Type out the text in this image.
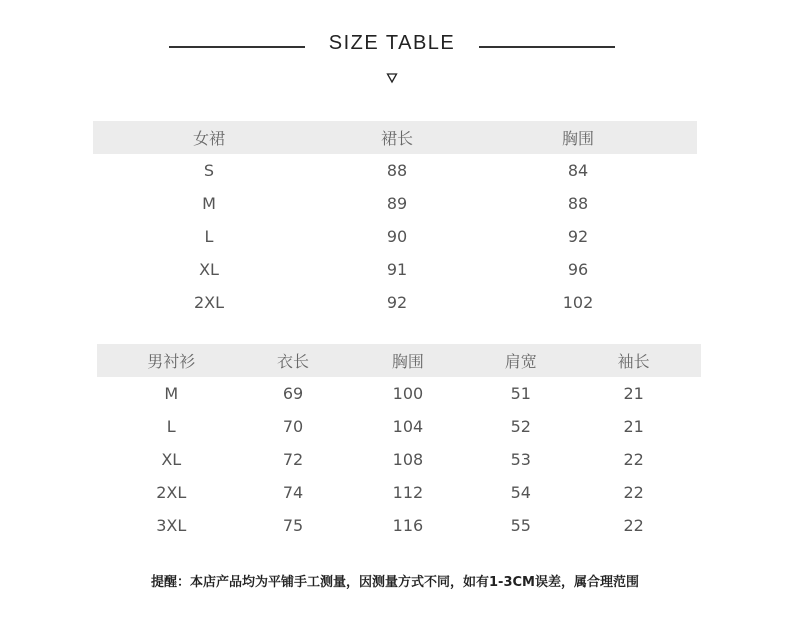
SIZE TABLE
女裙	裙长	胸围
S	88	84
M	89	88
L	90	92
XL	91	96
2XL	92	102
男衬衫	衣长	胸围	肩宽	袖长
M	69	100	51	21
L	70	104	52	21
XL	72	108	53	22
2XL	74	112	54	22
3XL	75	116	55	22
提醒：本店产品均为平铺手工测量，因测量方式不同，如有1-3CM误差，属合理范围
